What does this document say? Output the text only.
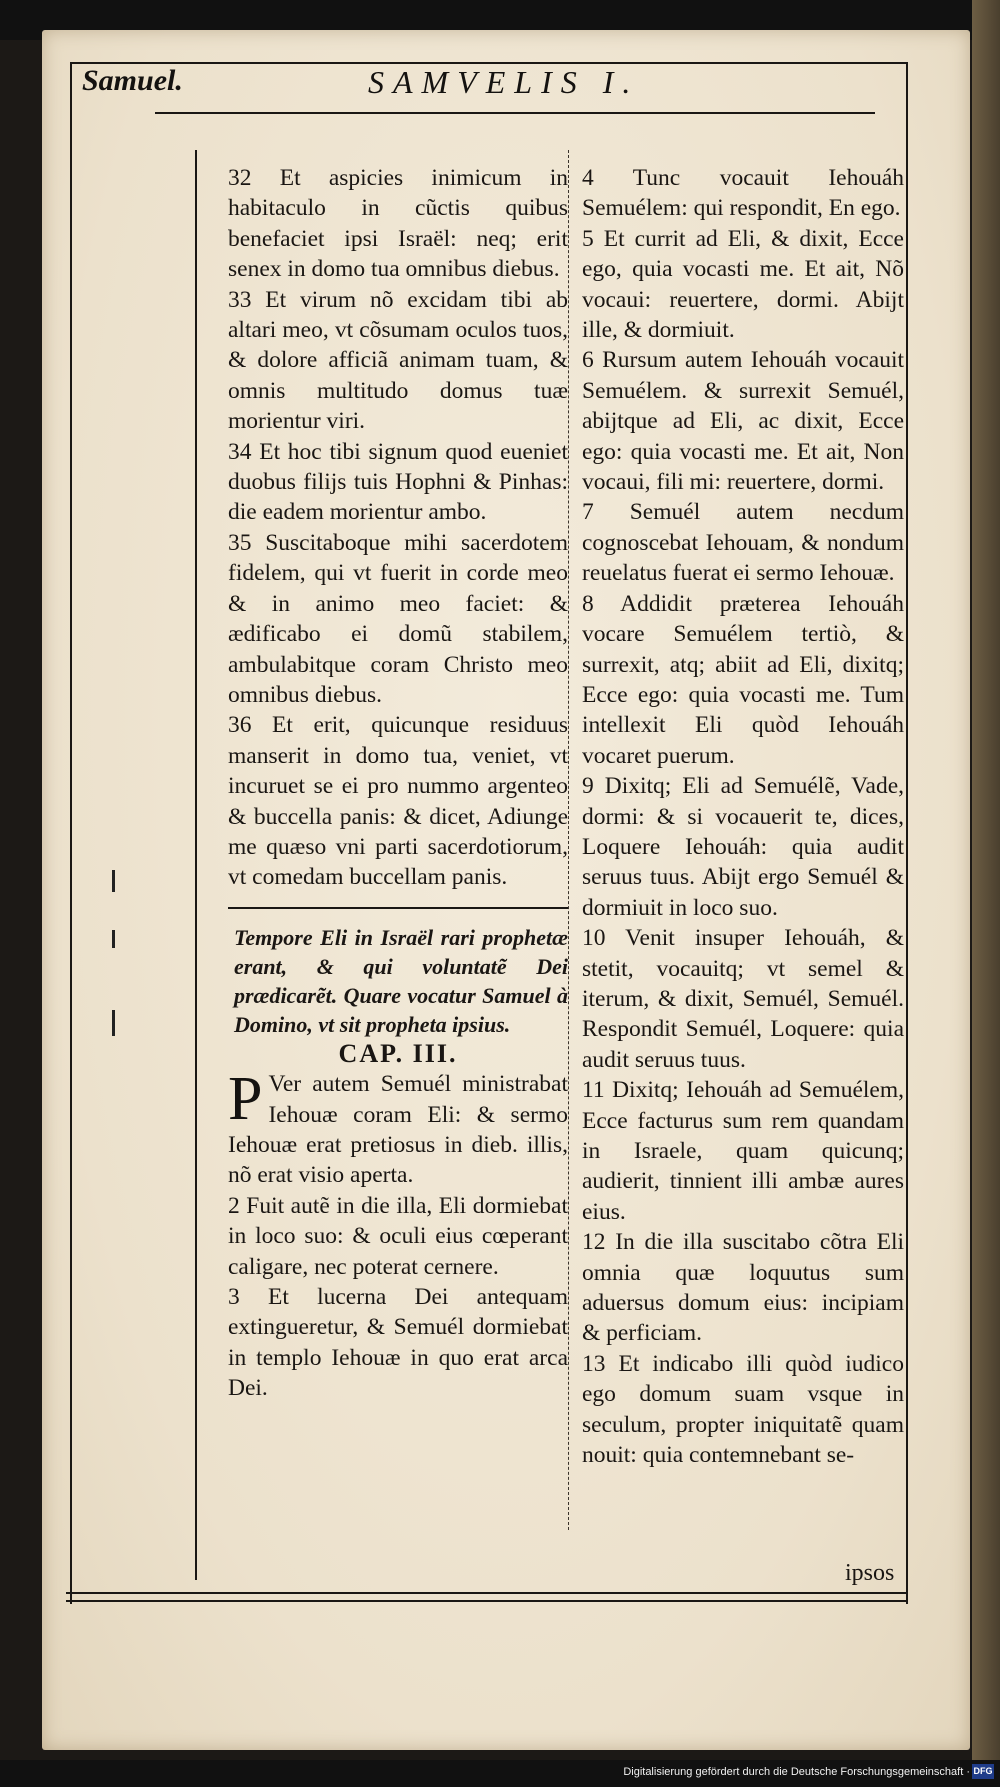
Samuel.	SAMVELIS I.

32 Et aspicies inimicum in habitaculo in cũctis quibus benefaciet ipsi Israël: neq; erit senex in domo tua omnibus diebus.

33 Et virum nõ excidam tibi ab altari meo, vt cõsumam oculos tuos, & dolore afficiã animam tuam, & omnis multitudo domus tuæ morientur viri.

34 Et hoc tibi signum quod eueniet duobus filijs tuis Hophni & Pinhas: die eadem morientur ambo.

35 Suscitaboque mihi sacerdotem fidelem, qui vt fuerit in corde meo & in animo meo faciet: & ædificabo ei domũ stabilem, ambulabitque coram Christo meo omnibus diebus.

36 Et erit, quicunque residuus manserit in domo tua, veniet, vt incuruet se ei pro nummo argenteo & buccella panis: & dicet, Adiunge me quæso vni parti sacerdotiorum, vt comedam buccellam panis.

Tempore Eli in Israël rari prophetæ erant, & qui voluntatẽ Dei prædicarẽt. Quare vocatur Samuel à Domino, vt sit propheta ipsius.

CAP. III.

P Ver autem Semuél ministrabat Iehouæ coram Eli: & sermo Iehouæ erat pretiosus in dieb. illis, nõ erat visio aperta.

2 Fuit autẽ in die illa, Eli dormiebat in loco suo: & oculi eius cœperant caligare, nec poterat cernere.

3 Et lucerna Dei antequam extingueretur, & Semuél dormiebat in templo Iehouæ in quo erat arca Dei.

4 Tunc vocauit Iehouáh Semuélem: qui respondit, En ego.

5 Et currit ad Eli, & dixit, Ecce ego, quia vocasti me. Et ait, Nõ vocaui: reuertere, dormi. Abijt ille, & dormiuit.

6 Rursum autem Iehouáh vocauit Semuélem. & surrexit Semuél, abijtque ad Eli, ac dixit, Ecce ego: quia vocasti me. Et ait, Non vocaui, fili mi: reuertere, dormi.

7 Semuél autem necdum cognoscebat Iehouam, & nondum reuelatus fuerat ei sermo Iehouæ.

8 Addidit præterea Iehouáh vocare Semuélem tertiò, & surrexit, atq; abiit ad Eli, dixitq; Ecce ego: quia vocasti me. Tum intellexit Eli quòd Iehouáh vocaret puerum.

9 Dixitq; Eli ad Semuélẽ, Vade, dormi: & si vocauerit te, dices, Loquere Iehouáh: quia audit seruus tuus. Abijt ergo Semuél & dormiuit in loco suo.

10 Venit insuper Iehouáh, & stetit, vocauitq; vt semel & iterum, & dixit, Semuél, Semuél. Respondit Semuél, Loquere: quia audit seruus tuus.

11 Dixitq; Iehouáh ad Semuélem, Ecce facturus sum rem quandam in Israele, quam quicunq; audierit, tinnient illi ambæ aures eius.

12 In die illa suscitabo cõtra Eli omnia quæ loquutus sum aduersus domum eius: incipiam & perficiam.

13 Et indicabo illi quòd iudico ego domum suam vsque in seculum, propter iniquitatẽ quam nouit: quia contemnebant se-

ipsos
Digitalisierung gefördert durch die Deutsche Forschungsgemeinschaft · DFG
